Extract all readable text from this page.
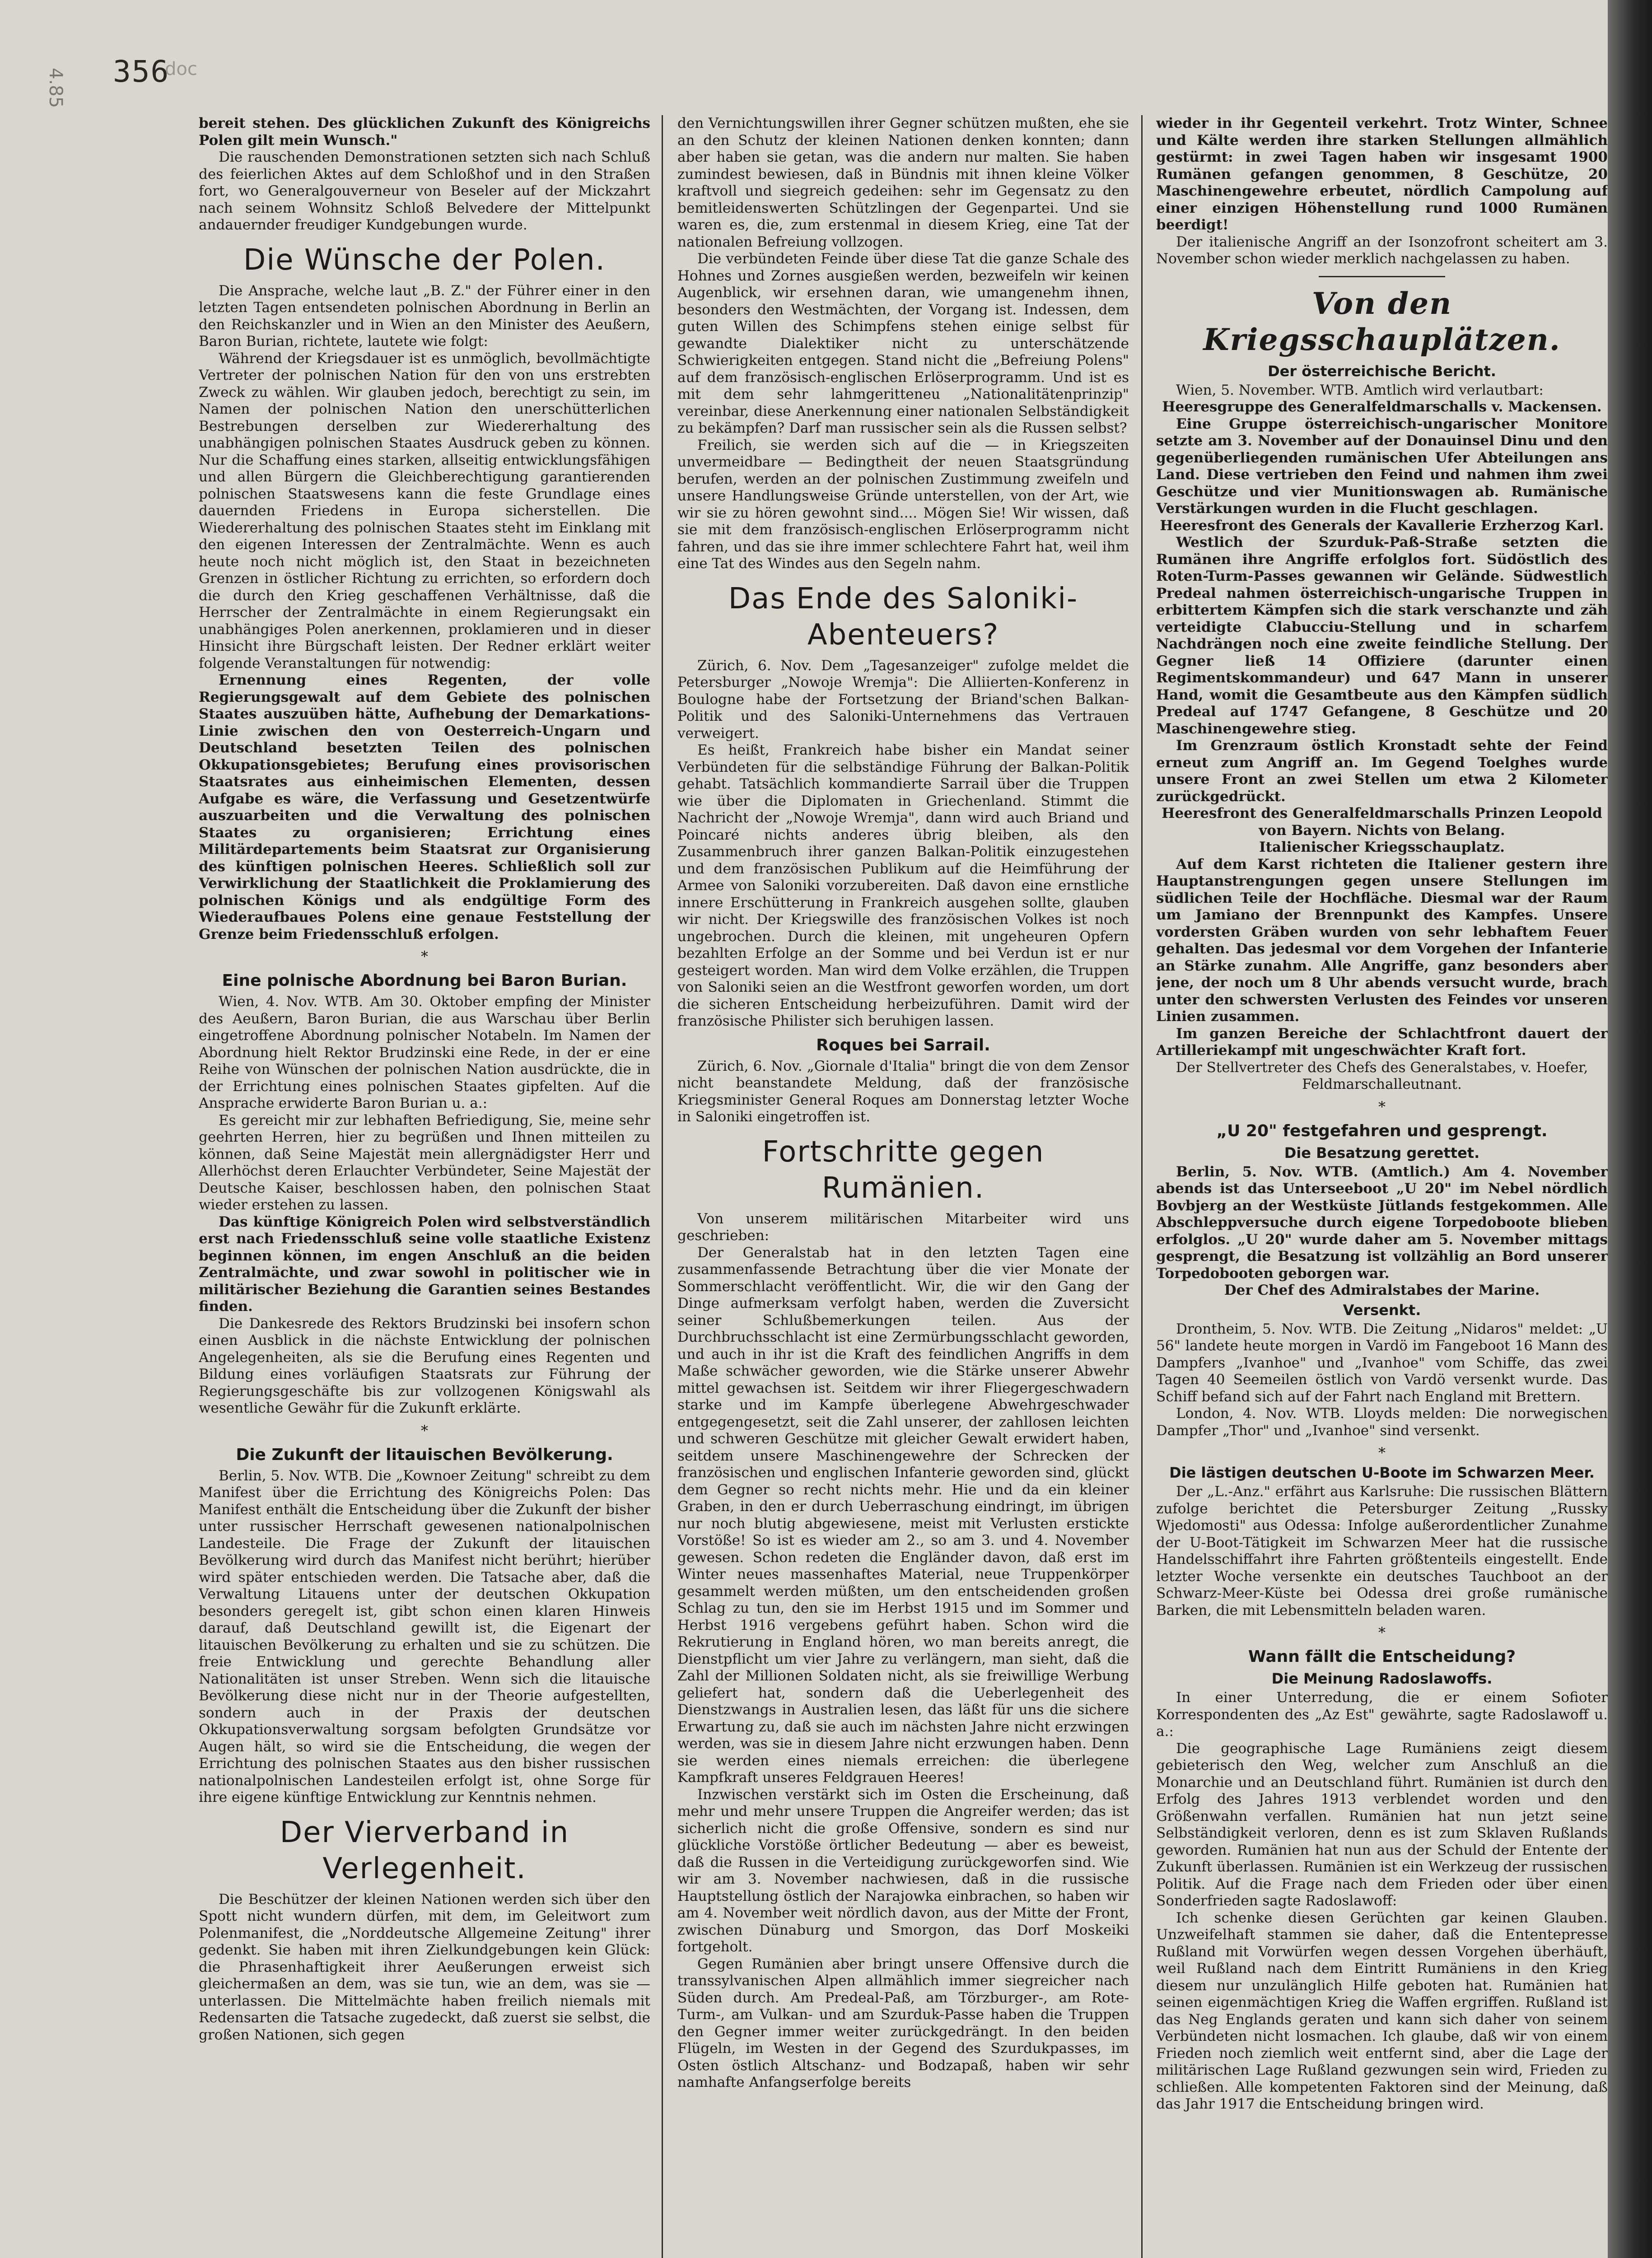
356
doc
4.85

bereit stehen. Des glücklichen Zukunft des Königreichs Polen gilt mein Wunsch."

Die rauschenden Demonstrationen setzten sich nach Schluß des feierlichen Aktes auf dem Schloßhof und in den Straßen fort, wo Generalgouverneur von Beseler auf der Mickzahrt nach seinem Wohnsitz Schloß Belvedere der Mittelpunkt andauernder freudiger Kundgebungen wurde.

Die Wünsche der Polen.

Die Ansprache, welche laut „B. Z." der Führer einer in den letzten Tagen entsendeten polnischen Abordnung in Berlin an den Reichskanzler und in Wien an den Minister des Aeußern, Baron Burian, richtete, lautete wie folgt:

Während der Kriegsdauer ist es unmöglich, bevollmächtigte Vertreter der polnischen Nation für den von uns erstrebten Zweck zu wählen. Wir glauben jedoch, berechtigt zu sein, im Namen der polnischen Nation den unerschütterlichen Bestrebungen derselben zur Wiedererhaltung des unabhängigen polnischen Staates Ausdruck geben zu können. Nur die Schaffung eines starken, allseitig entwicklungsfähigen und allen Bürgern die Gleichberechtigung garantierenden polnischen Staatswesens kann die feste Grundlage eines dauernden Friedens in Europa sicherstellen. Die Wiedererhaltung des polnischen Staates steht im Einklang mit den eigenen Interessen der Zentralmächte. Wenn es auch heute noch nicht möglich ist, den Staat in bezeichneten Grenzen in östlicher Richtung zu errichten, so erfordern doch die durch den Krieg geschaffenen Verhältnisse, daß die Herrscher der Zentralmächte in einem Regierungsakt ein unabhängiges Polen anerkennen, proklamieren und in dieser Hinsicht ihre Bürgschaft leisten. Der Redner erklärt weiter folgende Veranstaltungen für notwendig:

Ernennung eines Regenten, der volle Regierungsgewalt auf dem Gebiete des polnischen Staates auszuüben hätte, Aufhebung der Demarkations-Linie zwischen den von Oesterreich-Ungarn und Deutschland besetzten Teilen des polnischen Okkupationsgebietes; Berufung eines provisorischen Staatsrates aus einheimischen Elementen, dessen Aufgabe es wäre, die Verfassung und Gesetzentwürfe auszuarbeiten und die Verwaltung des polnischen Staates zu organisieren; Errichtung eines Militärdepartements beim Staatsrat zur Organisierung des künftigen polnischen Heeres. Schließlich soll zur Verwirklichung der Staatlichkeit die Proklamierung des polnischen Königs und als endgültige Form des Wiederaufbaues Polens eine genaue Feststellung der Grenze beim Friedensschluß erfolgen.

*
Eine polnische Abordnung bei Baron Burian.

Wien, 4. Nov. WTB. Am 30. Oktober empfing der Minister des Aeußern, Baron Burian, die aus Warschau über Berlin eingetroffene Abordnung polnischer Notabeln. Im Namen der Abordnung hielt Rektor Brudzinski eine Rede, in der er eine Reihe von Wünschen der polnischen Nation ausdrückte, die in der Errichtung eines polnischen Staates gipfelten. Auf die Ansprache erwiderte Baron Burian u. a.:

Es gereicht mir zur lebhaften Befriedigung, Sie, meine sehr geehrten Herren, hier zu begrüßen und Ihnen mitteilen zu können, daß Seine Majestät mein allergnädigster Herr und Allerhöchst deren Erlauchter Verbündeter, Seine Majestät der Deutsche Kaiser, beschlossen haben, den polnischen Staat wieder erstehen zu lassen.

Das künftige Königreich Polen wird selbstverständlich erst nach Friedensschluß seine volle staatliche Existenz beginnen können, im engen Anschluß an die beiden Zentralmächte, und zwar sowohl in politischer wie in militärischer Beziehung die Garantien seines Bestandes finden.

Die Dankesrede des Rektors Brudzinski bei insofern schon einen Ausblick in die nächste Entwicklung der polnischen Angelegenheiten, als sie die Berufung eines Regenten und Bildung eines vorläufigen Staatsrats zur Führung der Regierungsgeschäfte bis zur vollzogenen Königswahl als wesentliche Gewähr für die Zukunft erklärte.

*
Die Zukunft der litauischen Bevölkerung.

Berlin, 5. Nov. WTB. Die „Kownoer Zeitung" schreibt zu dem Manifest über die Errichtung des Königreichs Polen: Das Manifest enthält die Entscheidung über die Zukunft der bisher unter russischer Herrschaft gewesenen nationalpolnischen Landesteile. Die Frage der Zukunft der litauischen Bevölkerung wird durch das Manifest nicht berührt; hierüber wird später entschieden werden. Die Tatsache aber, daß die Verwaltung Litauens unter der deutschen Okkupation besonders geregelt ist, gibt schon einen klaren Hinweis darauf, daß Deutschland gewillt ist, die Eigenart der litauischen Bevölkerung zu erhalten und sie zu schützen. Die freie Entwicklung und gerechte Behandlung aller Nationalitäten ist unser Streben. Wenn sich die litauische Bevölkerung diese nicht nur in der Theorie aufgestellten, sondern auch in der Praxis der deutschen Okkupationsverwaltung sorgsam befolgten Grundsätze vor Augen hält, so wird sie die Entscheidung, die wegen der Errichtung des polnischen Staates aus den bisher russischen nationalpolnischen Landesteilen erfolgt ist, ohne Sorge für ihre eigene künftige Entwicklung zur Kenntnis nehmen.

Der Vierverband in Verlegenheit.

Die Beschützer der kleinen Nationen werden sich über den Spott nicht wundern dürfen, mit dem, im Geleitwort zum Polenmanifest, die „Norddeutsche Allgemeine Zeitung" ihrer gedenkt. Sie haben mit ihren Zielkundgebungen kein Glück: die Phrasenhaftigkeit ihrer Aeußerungen erweist sich gleichermaßen an dem, was sie tun, wie an dem, was sie — unterlassen. Die Mittelmächte haben freilich niemals mit Redensarten die Tatsache zugedeckt, daß zuerst sie selbst, die großen Nationen, sich gegen

den Vernichtungswillen ihrer Gegner schützen mußten, ehe sie an den Schutz der kleinen Nationen denken konnten; dann aber haben sie getan, was die andern nur malten. Sie haben zumindest bewiesen, daß in Bündnis mit ihnen kleine Völker kraftvoll und siegreich gedeihen: sehr im Gegensatz zu den bemitleidenswerten Schützlingen der Gegenpartei. Und sie waren es, die, zum erstenmal in diesem Krieg, eine Tat der nationalen Befreiung vollzogen.

Die verbündeten Feinde über diese Tat die ganze Schale des Hohnes und Zornes ausgießen werden, bezweifeln wir keinen Augenblick, wir ersehnen daran, wie umangenehm ihnen, besonders den Westmächten, der Vorgang ist. Indessen, dem guten Willen des Schimpfens stehen einige selbst für gewandte Dialektiker nicht zu unterschätzende Schwierigkeiten entgegen. Stand nicht die „Befreiung Polens" auf dem französisch-englischen Erlöserprogramm. Und ist es mit dem sehr lahmgeritteneu „Nationalitätenprinzip" vereinbar, diese Anerkennung einer nationalen Selbständigkeit zu bekämpfen? Darf man russischer sein als die Russen selbst?

Freilich, sie werden sich auf die — in Kriegszeiten unvermeidbare — Bedingtheit der neuen Staatsgründung berufen, werden an der polnischen Zustimmung zweifeln und unsere Handlungsweise Gründe unterstellen, von der Art, wie wir sie zu hören gewohnt sind.... Mögen Sie! Wir wissen, daß sie mit dem französisch-englischen Erlöserprogramm nicht fahren, und das sie ihre immer schlechtere Fahrt hat, weil ihm eine Tat des Windes aus den Segeln nahm.

Das Ende des Saloniki-Abenteuers?

Zürich, 6. Nov. Dem „Tagesanzeiger" zufolge meldet die Petersburger „Nowoje Wremja": Die Alliierten-Konferenz in Boulogne habe der Fortsetzung der Briand'schen Balkan-Politik und des Saloniki-Unternehmens das Vertrauen verweigert.

Es heißt, Frankreich habe bisher ein Mandat seiner Verbündeten für die selbständige Führung der Balkan-Politik gehabt. Tatsächlich kommandierte Sarrail über die Truppen wie über die Diplomaten in Griechenland. Stimmt die Nachricht der „Nowoje Wremja", dann wird auch Briand und Poincaré nichts anderes übrig bleiben, als den Zusammenbruch ihrer ganzen Balkan-Politik einzugestehen und dem französischen Publikum auf die Heimführung der Armee von Saloniki vorzubereiten. Daß davon eine ernstliche innere Erschütterung in Frankreich ausgehen sollte, glauben wir nicht. Der Kriegswille des französischen Volkes ist noch ungebrochen. Durch die kleinen, mit ungeheuren Opfern bezahlten Erfolge an der Somme und bei Verdun ist er nur gesteigert worden. Man wird dem Volke erzählen, die Truppen von Saloniki seien an die Westfront geworfen worden, um dort die sicheren Entscheidung herbeizuführen. Damit wird der französische Philister sich beruhigen lassen.

Roques bei Sarrail.

Zürich, 6. Nov. „Giornale d'Italia" bringt die von dem Zensor nicht beanstandete Meldung, daß der französische Kriegsminister General Roques am Donnerstag letzter Woche in Saloniki eingetroffen ist.

Fortschritte gegen Rumänien.

Von unserem militärischen Mitarbeiter wird uns geschrieben:

Der Generalstab hat in den letzten Tagen eine zusammenfassende Betrachtung über die vier Monate der Sommerschlacht veröffentlicht. Wir, die wir den Gang der Dinge aufmerksam verfolgt haben, werden die Zuversicht seiner Schlußbemerkungen teilen. Aus der Durchbruchsschlacht ist eine Zermürbungsschlacht geworden, und auch in ihr ist die Kraft des feindlichen Angriffs in dem Maße schwächer geworden, wie die Stärke unserer Abwehr mittel gewachsen ist. Seitdem wir ihrer Fliegergeschwadern starke und im Kampfe überlegene Abwehrgeschwader entgegengesetzt, seit die Zahl unserer, der zahllosen leichten und schweren Geschütze mit gleicher Gewalt erwidert haben, seitdem unsere Maschinengewehre der Schrecken der französischen und englischen Infanterie geworden sind, glückt dem Gegner so recht nichts mehr. Hie und da ein kleiner Graben, in den er durch Ueberraschung eindringt, im übrigen nur noch blutig abgewiesene, meist mit Verlusten erstickte Vorstöße! So ist es wieder am 2., so am 3. und 4. November gewesen. Schon redeten die Engländer davon, daß erst im Winter neues massenhaftes Material, neue Truppenkörper gesammelt werden müßten, um den entscheidenden großen Schlag zu tun, den sie im Herbst 1915 und im Sommer und Herbst 1916 vergebens geführt haben. Schon wird die Rekrutierung in England hören, wo man bereits anregt, die Dienstpflicht um vier Jahre zu verlängern, man sieht, daß die Zahl der Millionen Soldaten nicht, als sie freiwillige Werbung geliefert hat, sondern daß die Ueberlegenheit des Dienstzwangs in Australien lesen, das läßt für uns die sichere Erwartung zu, daß sie auch im nächsten Jahre nicht erzwingen werden, was sie in diesem Jahre nicht erzwungen haben. Denn sie werden eines niemals erreichen: die überlegene Kampfkraft unseres Feldgrauen Heeres!

Inzwischen verstärkt sich im Osten die Erscheinung, daß mehr und mehr unsere Truppen die Angreifer werden; das ist sicherlich nicht die große Offensive, sondern es sind nur glückliche Vorstöße örtlicher Bedeutung — aber es beweist, daß die Russen in die Verteidigung zurückgeworfen sind. Wie wir am 3. November nachwiesen, daß in die russische Hauptstellung östlich der Narajowka einbrachen, so haben wir am 4. November weit nördlich davon, aus der Mitte der Front, zwischen Dünaburg und Smorgon, das Dorf Moskeiki fortgeholt.

Gegen Rumänien aber bringt unsere Offensive durch die transsylvanischen Alpen allmählich immer siegreicher nach Süden durch. Am Predeal-Paß, am Törzburger-, am Rote-Turm-, am Vulkan- und am Szurduk-Passe haben die Truppen den Gegner immer weiter zurückgedrängt. In den beiden Flügeln, im Westen in der Gegend des Szurdukpasses, im Osten östlich Altschanz- und Bodzapaß, haben wir sehr namhafte Anfangserfolge bereits

wieder in ihr Gegenteil verkehrt. Trotz Winter, Schnee und Kälte werden ihre starken Stellungen allmählich gestürmt: in zwei Tagen haben wir insgesamt 1900 Rumänen gefangen genommen, 8 Geschütze, 20 Maschinengewehre erbeutet, nördlich Campolung auf einer einzigen Höhenstellung rund 1000 Rumänen beerdigt!

Der italienische Angriff an der Isonzofront scheitert am 3. November schon wieder merklich nachgelassen zu haben.

Von den Kriegsschauplätzen.
Der österreichische Bericht.

Wien, 5. November. WTB. Amtlich wird verlautbart:

Heeresgruppe des Generalfeldmarschalls v. Mackensen.

Eine Gruppe österreichisch-ungarischer Monitore setzte am 3. November auf der Donauinsel Dinu und den gegenüberliegenden rumänischen Ufer Abteilungen ans Land. Diese vertrieben den Feind und nahmen ihm zwei Geschütze und vier Munitionswagen ab. Rumänische Verstärkungen wurden in die Flucht geschlagen.

Heeresfront des Generals der Kavallerie Erzherzog Karl.

Westlich der Szurduk-Paß-Straße setzten die Rumänen ihre Angriffe erfolglos fort. Südöstlich des Roten-Turm-Passes gewannen wir Gelände. Südwestlich Predeal nahmen österreichisch-ungarische Truppen in erbittertem Kämpfen sich die stark verschanzte und zäh verteidigte Clabucciu-Stellung und in scharfem Nachdrängen noch eine zweite feindliche Stellung. Der Gegner ließ 14 Offiziere (darunter einen Regimentskommandeur) und 647 Mann in unserer Hand, womit die Gesamtbeute aus den Kämpfen südlich Predeal auf 1747 Gefangene, 8 Geschütze und 20 Maschinengewehre stieg.

Im Grenzraum östlich Kronstadt sehte der Feind erneut zum Angriff an. Im Gegend Toelghes wurde unsere Front an zwei Stellen um etwa 2 Kilometer zurückgedrückt.

Heeresfront des Generalfeldmarschalls Prinzen Leopold von Bayern. Nichts von Belang.

Italienischer Kriegsschauplatz.

Auf dem Karst richteten die Italiener gestern ihre Hauptanstrengungen gegen unsere Stellungen im südlichen Teile der Hochfläche. Diesmal war der Raum um Jamiano der Brennpunkt des Kampfes. Unsere vordersten Gräben wurden von sehr lebhaftem Feuer gehalten. Das jedesmal vor dem Vorgehen der Infanterie an Stärke zunahm. Alle Angriffe, ganz besonders aber jene, der noch um 8 Uhr abends versucht wurde, brach unter den schwersten Verlusten des Feindes vor unseren Linien zusammen.

Im ganzen Bereiche der Schlachtfront dauert der Artilleriekampf mit ungeschwächter Kraft fort.

Der Stellvertreter des Chefs des Generalstabes, v. Hoefer, Feldmarschalleutnant.

*
„U 20" festgefahren und gesprengt.
Die Besatzung gerettet.

Berlin, 5. Nov. WTB. (Amtlich.) Am 4. November abends ist das Unterseeboot „U 20" im Nebel nördlich Bovbjerg an der Westküste Jütlands festgekommen. Alle Abschleppversuche durch eigene Torpedoboote blieben erfolglos. „U 20" wurde daher am 5. November mittags gesprengt, die Besatzung ist vollzählig an Bord unserer Torpedobooten geborgen war.

Der Chef des Admiralstabes der Marine.

Versenkt.

Drontheim, 5. Nov. WTB. Die Zeitung „Nidaros" meldet: „U 56" landete heute morgen in Vardö im Fangeboot 16 Mann des Dampfers „Ivanhoe" und „Ivanhoe" vom Schiffe, das zwei Tagen 40 Seemeilen östlich von Vardö versenkt wurde. Das Schiff befand sich auf der Fahrt nach England mit Brettern.

London, 4. Nov. WTB. Lloyds melden: Die norwegischen Dampfer „Thor" und „Ivanhoe" sind versenkt.

*
Die lästigen deutschen U-Boote im Schwarzen Meer.

Der „L.-Anz." erfährt aus Karlsruhe: Die russischen Blättern zufolge berichtet die Petersburger Zeitung „Russky Wjedomosti" aus Odessa: Infolge außerordentlicher Zunahme der U-Boot-Tätigkeit im Schwarzen Meer hat die russische Handelsschiffahrt ihre Fahrten größtenteils eingestellt. Ende letzter Woche versenkte ein deutsches Tauchboot an der Schwarz-Meer-Küste bei Odessa drei große rumänische Barken, die mit Lebensmitteln beladen waren.

*
Wann fällt die Entscheidung?
Die Meinung Radoslawoffs.

In einer Unterredung, die er einem Sofioter Korrespondenten des „Az Est" gewährte, sagte Radoslawoff u. a.:

Die geographische Lage Rumäniens zeigt diesem gebieterisch den Weg, welcher zum Anschluß an die Monarchie und an Deutschland führt. Rumänien ist durch den Erfolg des Jahres 1913 verblendet worden und den Größenwahn verfallen. Rumänien hat nun jetzt seine Selbständigkeit verloren, denn es ist zum Sklaven Rußlands geworden. Rumänien hat nun aus der Schuld der Entente der Zukunft überlassen. Rumänien ist ein Werkzeug der russischen Politik. Auf die Frage nach dem Frieden oder über einen Sonderfrieden sagte Radoslawoff:

Ich schenke diesen Gerüchten gar keinen Glauben. Unzweifelhaft stammen sie daher, daß die Ententepresse Rußland mit Vorwürfen wegen dessen Vorgehen überhäuft, weil Rußland nach dem Eintritt Rumäniens in den Krieg diesem nur unzulänglich Hilfe geboten hat. Rumänien hat seinen eigenmächtigen Krieg die Waffen ergriffen. Rußland ist das Neg Englands geraten und kann sich daher von seinem Verbündeten nicht losmachen. Ich glaube, daß wir von einem Frieden noch ziemlich weit entfernt sind, aber die Lage der militärischen Lage Rußland gezwungen sein wird, Frieden zu schließen. Alle kompetenten Faktoren sind der Meinung, daß das Jahr 1917 die Entscheidung bringen wird.
